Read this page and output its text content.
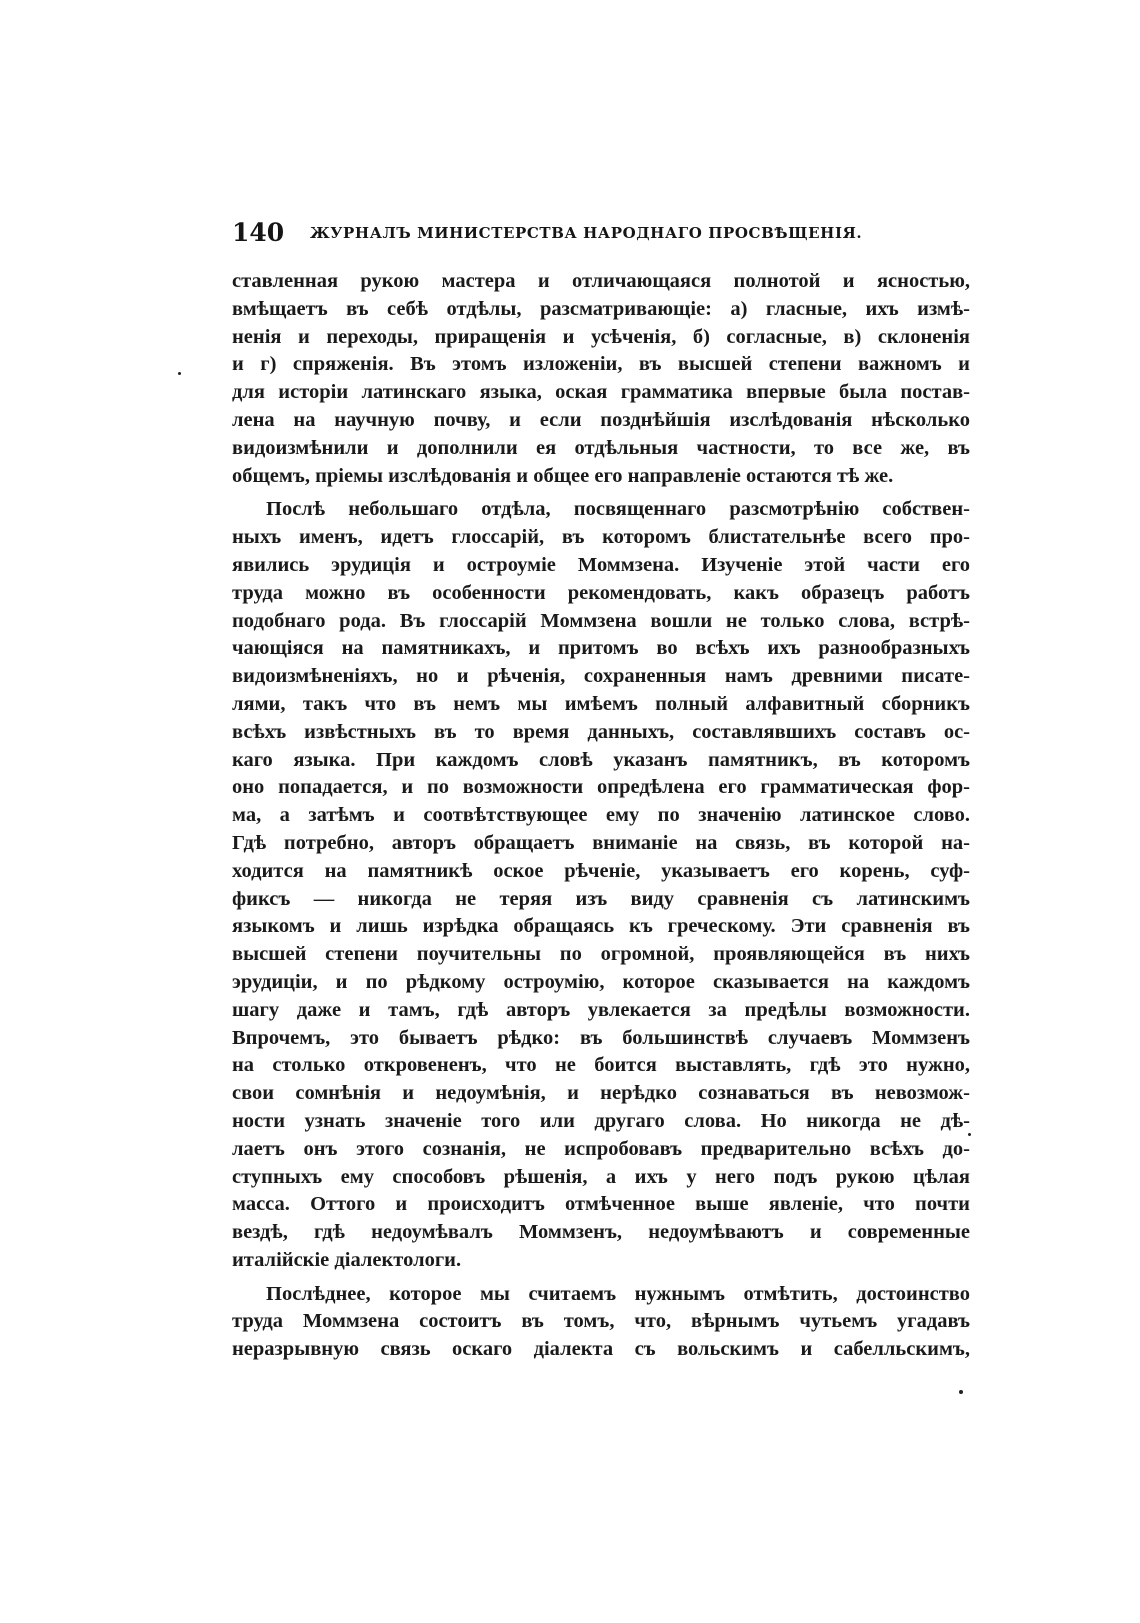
140 ЖУРНАЛЪ МИНИСТЕРСТВА НАРОДНАГО ПРОСВѢЩЕНІЯ.

ставленная рукою мастера и отличающаяся полнотой и ясностью,
вмѣщаетъ въ себѣ отдѣлы, разсматривающіе: а) гласные, ихъ измѣ-
ненія и переходы, приращенія и усѣченія, б) согласные, в) склоненія
и г) спряженія. Въ этомъ изложеніи, въ высшей степени важномъ и
для исторіи латинскаго языка, оская грамматика впервые была постав-
лена на научную почву, и если позднѣйшія изслѣдованія нѣсколько
видоизмѣнили и дополнили ея отдѣльныя частности, то все же, въ
общемъ, пріемы изслѣдованія и общее его направленіе остаются тѣ же.

Послѣ небольшаго отдѣла, посвященнаго разсмотрѣнію собствен-
ныхъ именъ, идетъ глоссарій, въ которомъ блистательнѣе всего про-
явились эрудиція и остроуміе Моммзена. Изученіе этой части его
труда можно въ особенности рекомендовать, какъ образецъ работъ
подобнаго рода. Въ глоссарій Моммзена вошли не только слова, встрѣ-
чающіяся на памятникахъ, и притомъ во всѣхъ ихъ разнообразныхъ
видоизмѣненіяхъ, но и рѣченія, сохраненныя намъ древними писате-
лями, такъ что въ немъ мы имѣемъ полный алфавитный сборникъ
всѣхъ извѣстныхъ въ то время данныхъ, составлявшихъ составъ ос-
каго языка. При каждомъ словѣ указанъ памятникъ, въ которомъ
оно попадается, и по возможности опредѣлена его грамматическая фор-
ма, а затѣмъ и соотвѣтствующее ему по значенію латинское слово.
Гдѣ потребно, авторъ обращаетъ вниманіе на связь, въ которой на-
ходится на памятникѣ оское рѣченіе, указываетъ его корень, суф-
фиксъ — никогда не теряя изъ виду сравненія съ латинскимъ
языкомъ и лишь изрѣдка обращаясь къ греческому. Эти сравненія въ
высшей степени поучительны по огромной, проявляющейся въ нихъ
эрудиціи, и по рѣдкому остроумію, которое сказывается на каждомъ
шагу даже и тамъ, гдѣ авторъ увлекается за предѣлы возможности.
Впрочемъ, это бываетъ рѣдко: въ большинствѣ случаевъ Моммзенъ
на столько откровененъ, что не боится выставлять, гдѣ это нужно,
свои сомнѣнія и недоумѣнія, и нерѣдко сознаваться въ невозмож-
ности узнать значеніе того или другаго слова. Но никогда не дѣ-
лаетъ онъ этого сознанія, не испробовавъ предварительно всѣхъ до-
ступныхъ ему способовъ рѣшенія, а ихъ у него подъ рукою цѣлая
масса. Оттого и происходитъ отмѣченное выше явленіе, что почти
вездѣ, гдѣ недоумѣвалъ Моммзенъ, недоумѣваютъ и современные
италійскіе діалектологи.

Послѣднее, которое мы считаемъ нужнымъ отмѣтить, достоинство
труда Моммзена состоитъ въ томъ, что, вѣрнымъ чутьемъ угадавъ
неразрывную связь оскаго діалекта съ вольскимъ и сабелльскимъ,
